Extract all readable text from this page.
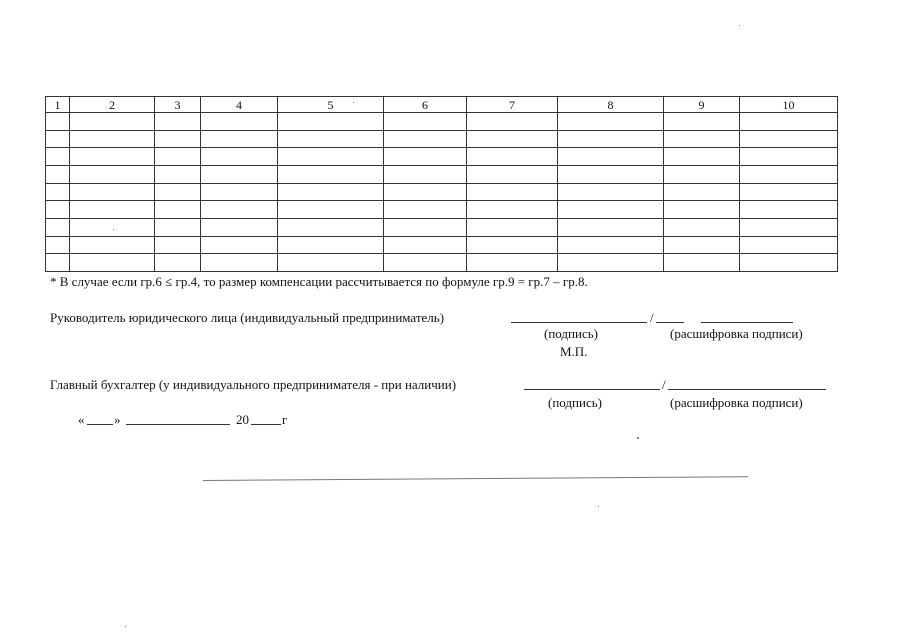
1	2	3	4	5	6	7	8	9	10

* В случае если гр.6 ≤ гр.4, то размер компенсации рассчитывается по формуле гр.9 = гр.7 – гр.8.
Руководитель юридического лица (индивидуальный предприниматель)	/
(подпись)	(расшифровка подписи)
М.П.
Главный бухгалтер (у индивидуального предпринимателя - при наличии)	/
(подпись)	(расшифровка подписи)
« »	20	г
